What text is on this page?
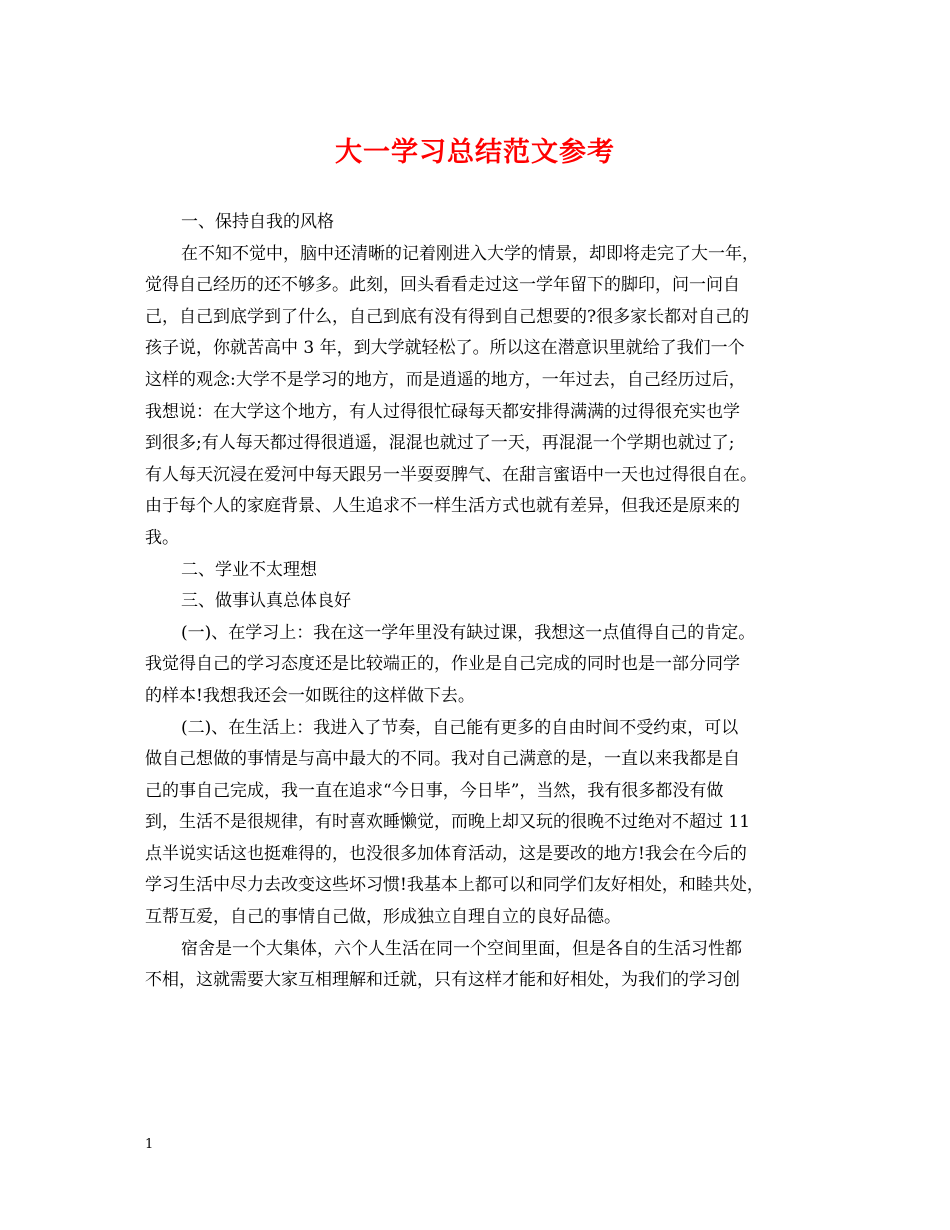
大一学习总结范文参考
一、保持自我的风格
在不知不觉中，脑中还清晰的记着刚进入大学的情景，却即将走完了大一年，
觉得自己经历的还不够多。此刻，回头看看走过这一学年留下的脚印，问一问自
己，自己到底学到了什么，自己到底有没有得到自己想要的?很多家长都对自己的
孩子说，你就苦高中 3 年，到大学就轻松了。所以这在潜意识里就给了我们一个
这样的观念:大学不是学习的地方，而是逍遥的地方，一年过去，自己经历过后，
我想说：在大学这个地方，有人过得很忙碌每天都安排得满满的过得很充实也学
到很多;有人每天都过得很逍遥，混混也就过了一天，再混混一个学期也就过了;
有人每天沉浸在爱河中每天跟另一半耍耍脾气、在甜言蜜语中一天也过得很自在。
由于每个人的家庭背景、人生追求不一样生活方式也就有差异，但我还是原来的
我。
二、学业不太理想
三、做事认真总体良好
(一)、在学习上：我在这一学年里没有缺过课，我想这一点值得自己的肯定。
我觉得自己的学习态度还是比较端正的，作业是自己完成的同时也是一部分同学
的样本!我想我还会一如既往的这样做下去。
(二)、在生活上：我进入了节奏，自己能有更多的自由时间不受约束，可以
做自己想做的事情是与高中最大的不同。我对自己满意的是，一直以来我都是自
己的事自己完成，我一直在追求“今日事，今日毕”，当然，我有很多都没有做
到，生活不是很规律，有时喜欢睡懒觉，而晚上却又玩的很晚不过绝对不超过 11
点半说实话这也挺难得的，也没很多加体育活动，这是要改的地方!我会在今后的
学习生活中尽力去改变这些坏习惯!我基本上都可以和同学们友好相处，和睦共处，
互帮互爱，自己的事情自己做，形成独立自理自立的良好品德。
宿舍是一个大集体，六个人生活在同一个空间里面，但是各自的生活习性都
不相，这就需要大家互相理解和迁就，只有这样才能和好相处，为我们的学习创
1
